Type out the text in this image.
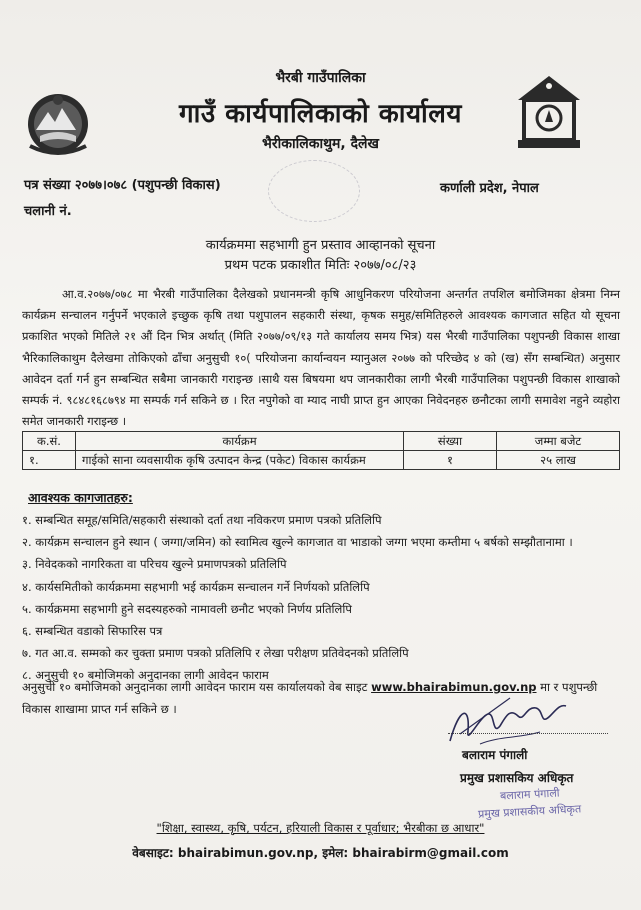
भैरबी गाउँपालिका
गाउँ कार्यपालिकाको कार्यालय
भैरीकालिकाथुम, दैलेख
पत्र संख्या २०७७।०७८ (पशुपन्छी विकास)	कर्णाली प्रदेश, नेपाल
चलानी नं.
कार्यक्रममा सहभागी हुन प्रस्ताव आव्हानको सूचना
प्रथम पटक प्रकाशीत मितिः २०७७/०८/२३

आ.व.२०७७/०७८ मा भैरबी गाउँपालिका दैलेखको प्रधानमन्त्री कृषि आधुनिकरण परियोजना अन्तर्गत तपशिल बमोजिमका क्षेत्रमा निम्न कार्यक्रम सन्चालन गर्नुपर्ने भएकाले इच्छुक कृषि तथा पशुपालन सहकारी संस्था, कृषक समुह/समितिहरुले आवश्यक कागजात सहित यो सूचना प्रकाशित भएको मितिले २१ औं दिन भित्र अर्थात् (मिति २०७७/०९/१३ गते कार्यालय समय भित्र) यस भैरबी गाउँपालिका पशुपन्छी विकास शाखा भैरिकालिकाथुम दैलेखमा तोकिएको ढाँचा अनुसुची १०( परियोजना कार्यान्वयन म्यानुअल २०७७ को परिच्छेद ४ को (ख) सँग सम्बन्धित) अनुसार आवेदन दर्ता गर्न हुन सम्बन्धित सबैमा जानकारी गराइन्छ ।साथै यस बिषयमा थप जानकारीका लागी भैरबी गाउँपालिका पशुपन्छी विकास शाखाको सम्पर्क नं. ९८४८१६८७९४ मा सम्पर्क गर्न सकिने छ । रित नपुगेको वा म्याद नाघी प्राप्त हुन आएका निवेदनहरु छनौटका लागी समावेश नहुने व्यहोरा समेत जानकारी गराइन्छ ।

क.सं.	कार्यक्रम	संख्या	जम्मा बजेट
१.	गाईको साना व्यवसायीक कृषि उत्पादन केन्द्र (पकेट) विकास कार्यक्रम	१	२५ लाख
आवश्यक कागजातहरु:
१. सम्बन्धित समूह/समिति/सहकारी संस्थाको दर्ता तथा नविकरण प्रमाण पत्रको प्रतिलिपि
२. कार्यक्रम सन्चालन हुने स्थान ( जग्गा/जमिन) को स्वामित्व खुल्ने कागजात वा भाडाको जग्गा भएमा कम्तीमा ५ बर्षको सम्झौतानामा ।
३. निवेदकको नागरिकता वा परिचय खुल्ने प्रमाणपत्रको प्रतिलिपि
४. कार्यसमितीको कार्यक्रममा सहभागी भई कार्यक्रम सन्चालन गर्ने निर्णयको प्रतिलिपि
५. कार्यक्रममा सहभागी हुने सदस्यहरुको नामावली छनौट भएको निर्णय प्रतिलिपि
६. सम्बन्धित वडाको सिफारिस पत्र
७. गत आ.व. सम्मको कर चुक्ता प्रमाण पत्रको प्रतिलिपि र लेखा परीक्षण प्रतिवेदनको प्रतिलिपि
८. अनुसुची १० बमोजिमको अनुदानका लागी आवेदन फाराम
अनुसुची १० बमोजिमको अनुदानका लागी आवेदन फाराम यस कार्यालयको वेब साइट www.bhairabimun.gov.np मा र पशुपन्छी विकास शाखामा प्राप्त गर्न सकिने छ ।
बलाराम पंगाली
प्रमुख प्रशासकिय अधिकृत
बलाराम पंगाली
प्रमुख प्रशासकीय अधिकृत
"शिक्षा, स्वास्थ्य, कृषि, पर्यटन, हरियाली विकास र पूर्वाधार; भैरबीका छ आधार"
वेबसाइट: bhairabimun.gov.np, इमेल: bhairabirm@gmail.com
